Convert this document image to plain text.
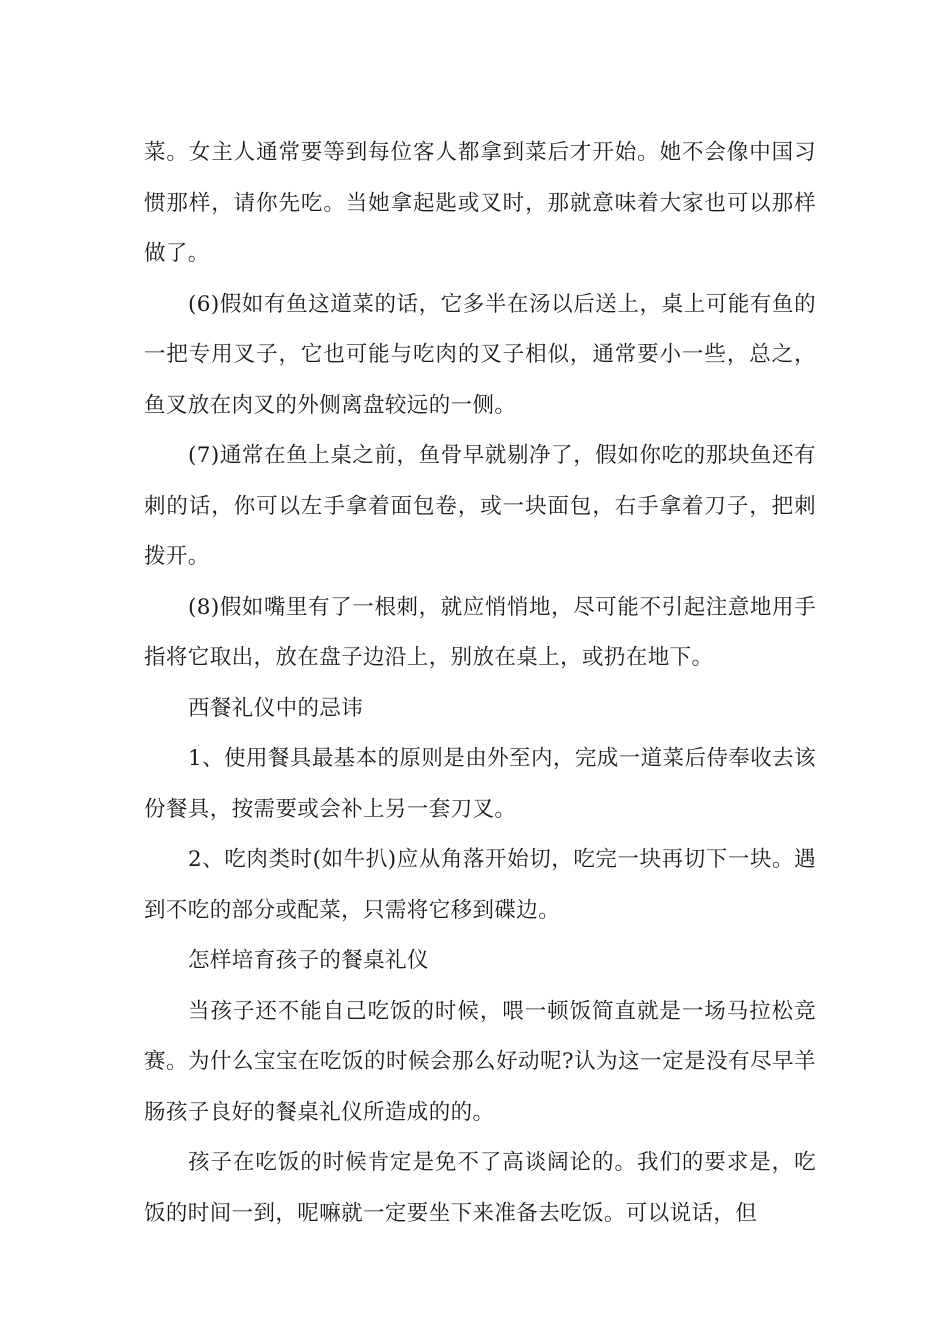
菜。女主人通常要等到每位客人都拿到菜后才开始。她不会像中国习惯那样，请你先吃。当她拿起匙或叉时，那就意味着大家也可以那样做了。

(6)假如有鱼这道菜的话，它多半在汤以后送上，桌上可能有鱼的一把专用叉子，它也可能与吃肉的叉子相似，通常要小一些，总之，鱼叉放在肉叉的外侧离盘较远的一侧。

(7)通常在鱼上桌之前，鱼骨早就剔净了，假如你吃的那块鱼还有刺的话，你可以左手拿着面包卷，或一块面包，右手拿着刀子，把刺拨开。

(8)假如嘴里有了一根刺，就应悄悄地，尽可能不引起注意地用手指将它取出，放在盘子边沿上，别放在桌上，或扔在地下。

西餐礼仪中的忌讳

1、使用餐具最基本的原则是由外至内，完成一道菜后侍奉收去该份餐具，按需要或会补上另一套刀叉。

2、吃肉类时(如牛扒)应从角落开始切，吃完一块再切下一块。遇到不吃的部分或配菜，只需将它移到碟边。

怎样培育孩子的餐桌礼仪

当孩子还不能自己吃饭的时候，喂一顿饭简直就是一场马拉松竞赛。为什么宝宝在吃饭的时候会那么好动呢?认为这一定是没有尽早羊肠孩子良好的餐桌礼仪所造成的的。

孩子在吃饭的时候肯定是免不了高谈阔论的。我们的要求是，吃饭的时间一到，呢嘛就一定要坐下来准备去吃饭。可以说话，但
